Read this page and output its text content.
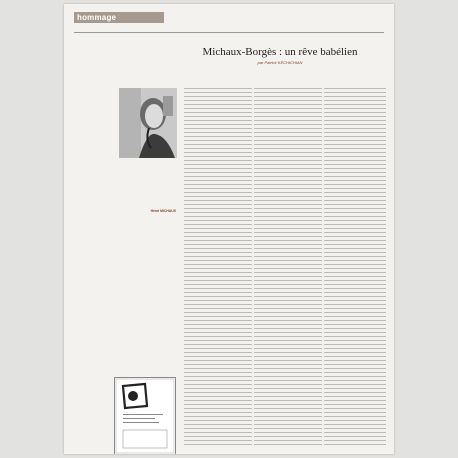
hommage
Michaux-Borgès : un rêve babélien
par Patrick KÉCHICHIAN
Henri MICHAUX
